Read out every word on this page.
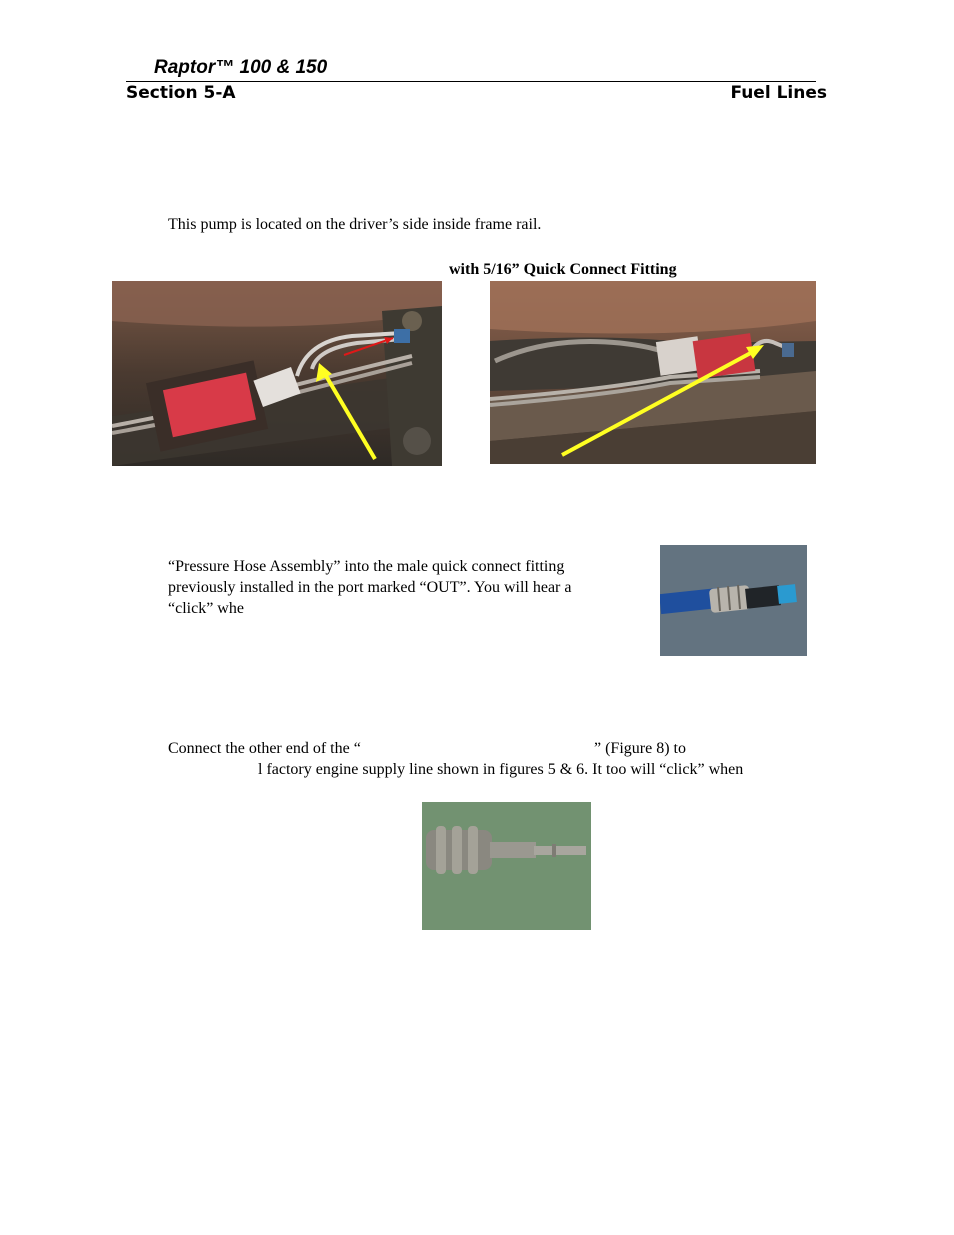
Raptor™ 100 & 150
Section 5-A	Fuel Lines
This pump is located on the driver’s side inside frame rail.
with 5/16” Quick Connect Fitting
“Pressure Hose Assembly” into the male quick connect fitting
previously installed in the port marked “OUT”. You will hear a
“click” whe
Connect the other end of the “	” (Figure 8) to
l factory engine supply line shown in figures 5 & 6. It too will “click” when
